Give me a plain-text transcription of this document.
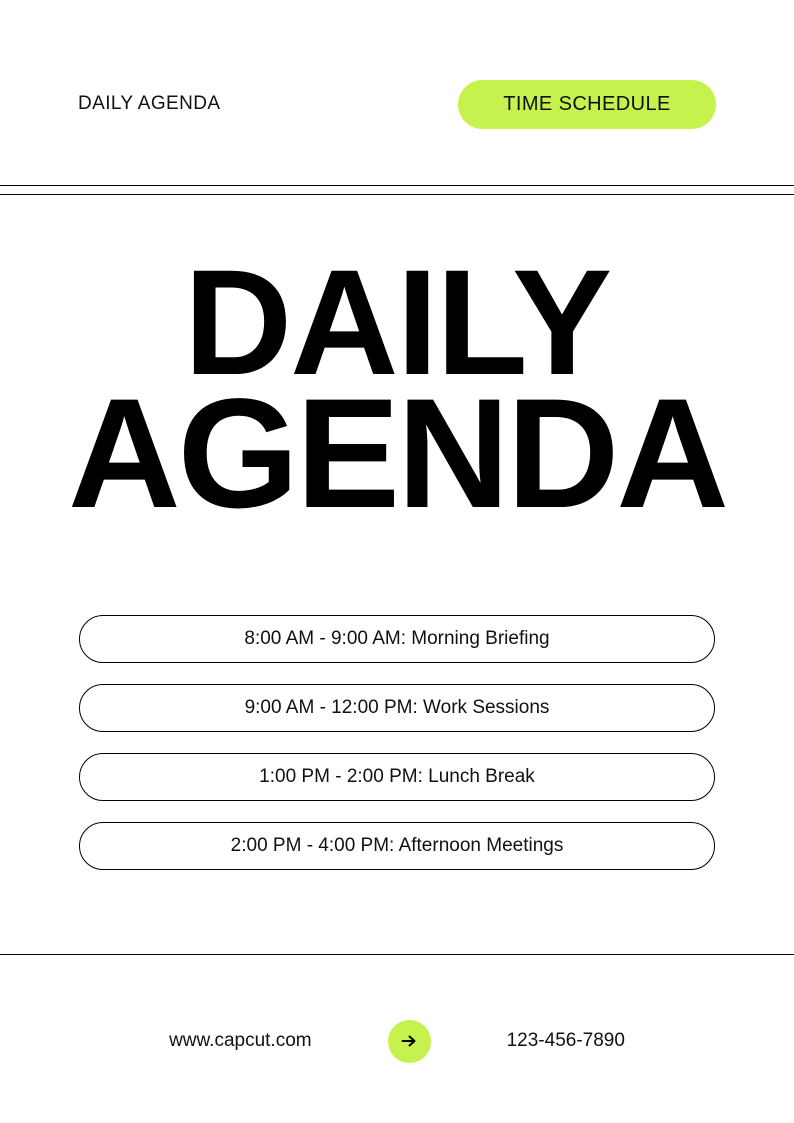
DAILY AGENDA	TIME SCHEDULE
DAILY
AGENDA
8:00 AM - 9:00 AM: Morning Briefing
9:00 AM - 12:00 PM: Work Sessions
1:00 PM - 2:00 PM: Lunch Break
2:00 PM - 4:00 PM: Afternoon Meetings
www.capcut.com	123-456-7890
